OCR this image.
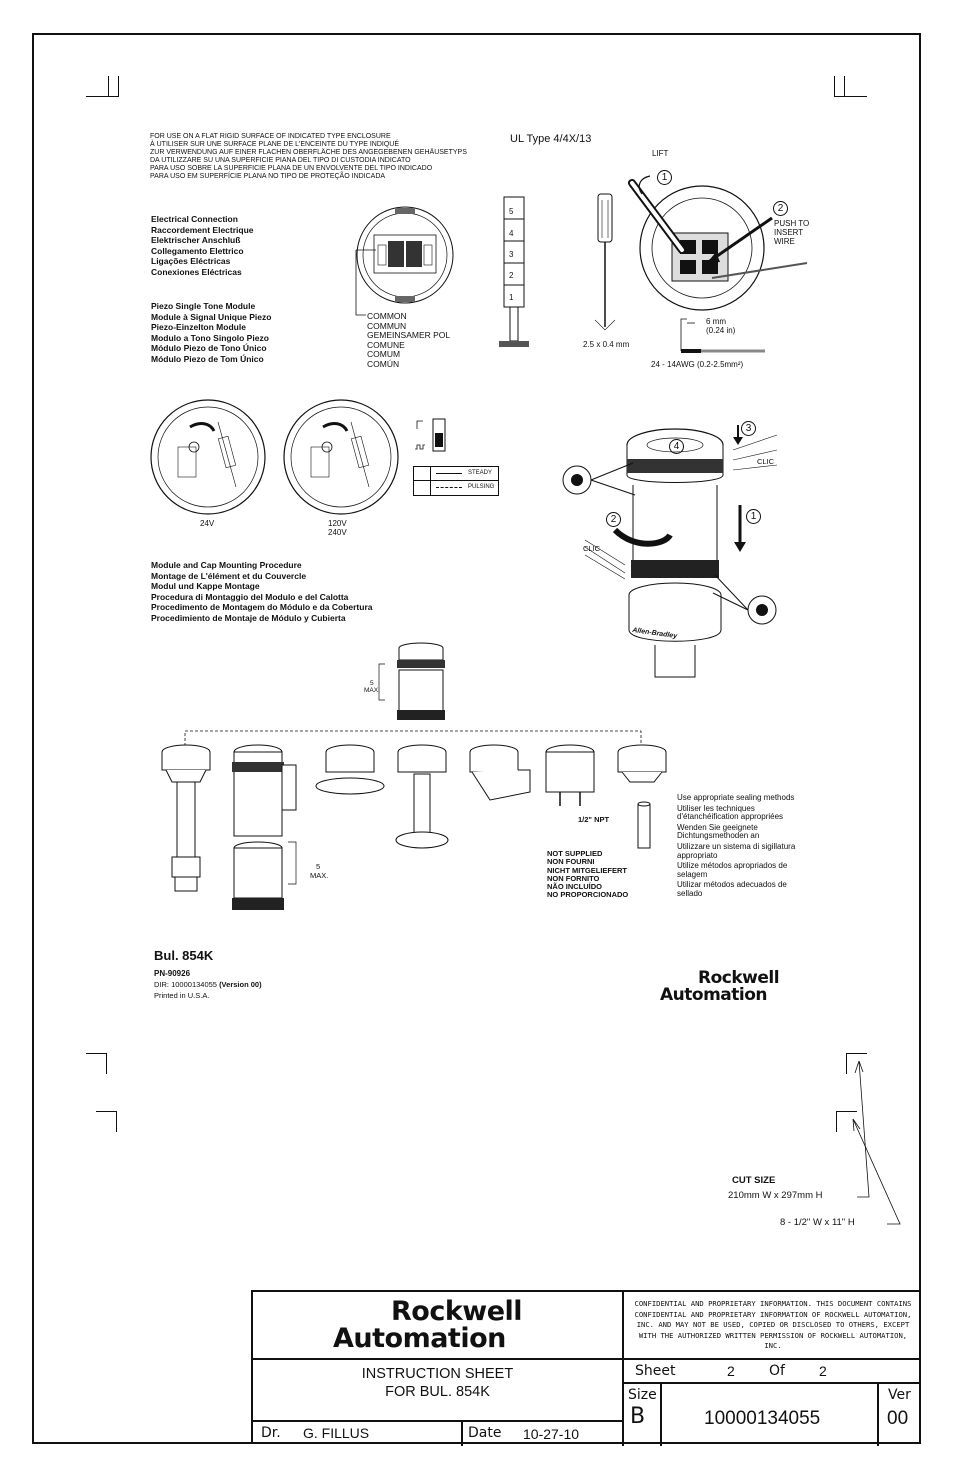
FOR USE ON A FLAT RIGID SURFACE OF INDICATED TYPE ENCLOSURE
À UTILISER SUR UNE SURFACE PLANE DE L'ENCEINTE DU TYPE INDIQUÉ
ZUR VERWENDUNG AUF EINER FLACHEN OBERFLÄCHE DES ANGEGEBENEN GEHÄUSETYPS
DA UTILIZZARE SU UNA SUPERFICIE PIANA DEL TIPO DI CUSTODIA INDICATO
PARA USO SOBRE LA SUPERFICIE PLANA DE UN ENVOLVENTE DEL TIPO INDICADO
PARA USO EM SUPERFÍCIE PLANA NO TIPO DE PROTEÇÃO INDICADA
UL Type 4/4X/13
Electrical Connection
Raccordement Electrique
Elektrischer Anschluß
Collegamento Elettrico
Ligações Eléctricas
Conexiones Eléctricas
Piezo Single Tone Module
Module à Signal Unique Piezo
Piezo-Einzelton Module
Modulo a Tono Singolo Piezo
Módulo Piezo de Tono Único
Módulo Piezo de Tom Único
COMMON
COMMUN
GEMEINSAMER POL
COMUNE
COMUM
COMÚN
5
4
3
2
1
2.5 x 0.4 mm
LIFT
1
2
PUSH TO
INSERT
WIRE
6 mm
(0.24 in)
24 - 14AWG (0.2-2.5mm²)
24V	120V
240V
STEADY
PULSING
3
4
1
2
CLIC
CLIC
Allen-Bradley
Module and Cap Mounting Procedure
Montage de L'élément et du Couvercle
Modul und Kappe Montage
Procedura di Montaggio del Modulo e del Calotta
Procedimento de Montagem do Módulo e da Cobertura
Procedimiento de Montaje de Módulo y Cubierta
5
MAX.
5
MAX.
1/2" NPT
NOT SUPPLIED
NON FOURNI
NICHT MITGELIEFERT
NON FORNITO
NÃO INCLUÍDO
NO PROPORCIONADO
Use appropriate sealing methods
Utiliser les techniques d'étanchéification appropriées
Wenden Sie geeignete Dichtungsmethoden an
Utilizzare un sistema di sigillatura appropriato
Utilize métodos apropriados de selagem
Utilizar métodos adecuados de sellado
Bul. 854K
PN-90926
DIR: 10000134055 (Version 00)
Printed in U.S.A.
Rockwell
Automation
CUT SIZE
210mm W x 297mm H
8 - 1/2" W x 11" H
Rockwell
Automation
CONFIDENTIAL AND PROPRIETARY INFORMATION. THIS DOCUMENT CONTAINS CONFIDENTIAL AND PROPRIETARY INFORMATION OF ROCKWELL AUTOMATION, INC. AND MAY NOT BE USED, COPIED OR DISCLOSED TO OTHERS, EXCEPT WITH THE AUTHORIZED WRITTEN PERMISSION OF ROCKWELL AUTOMATION, INC.
INSTRUCTION SHEET
FOR BUL. 854K
Sheet	2 Of 2
Size
B	10000134055
Ver
00
Dr. G. FILLUS	Date 10-27-10
